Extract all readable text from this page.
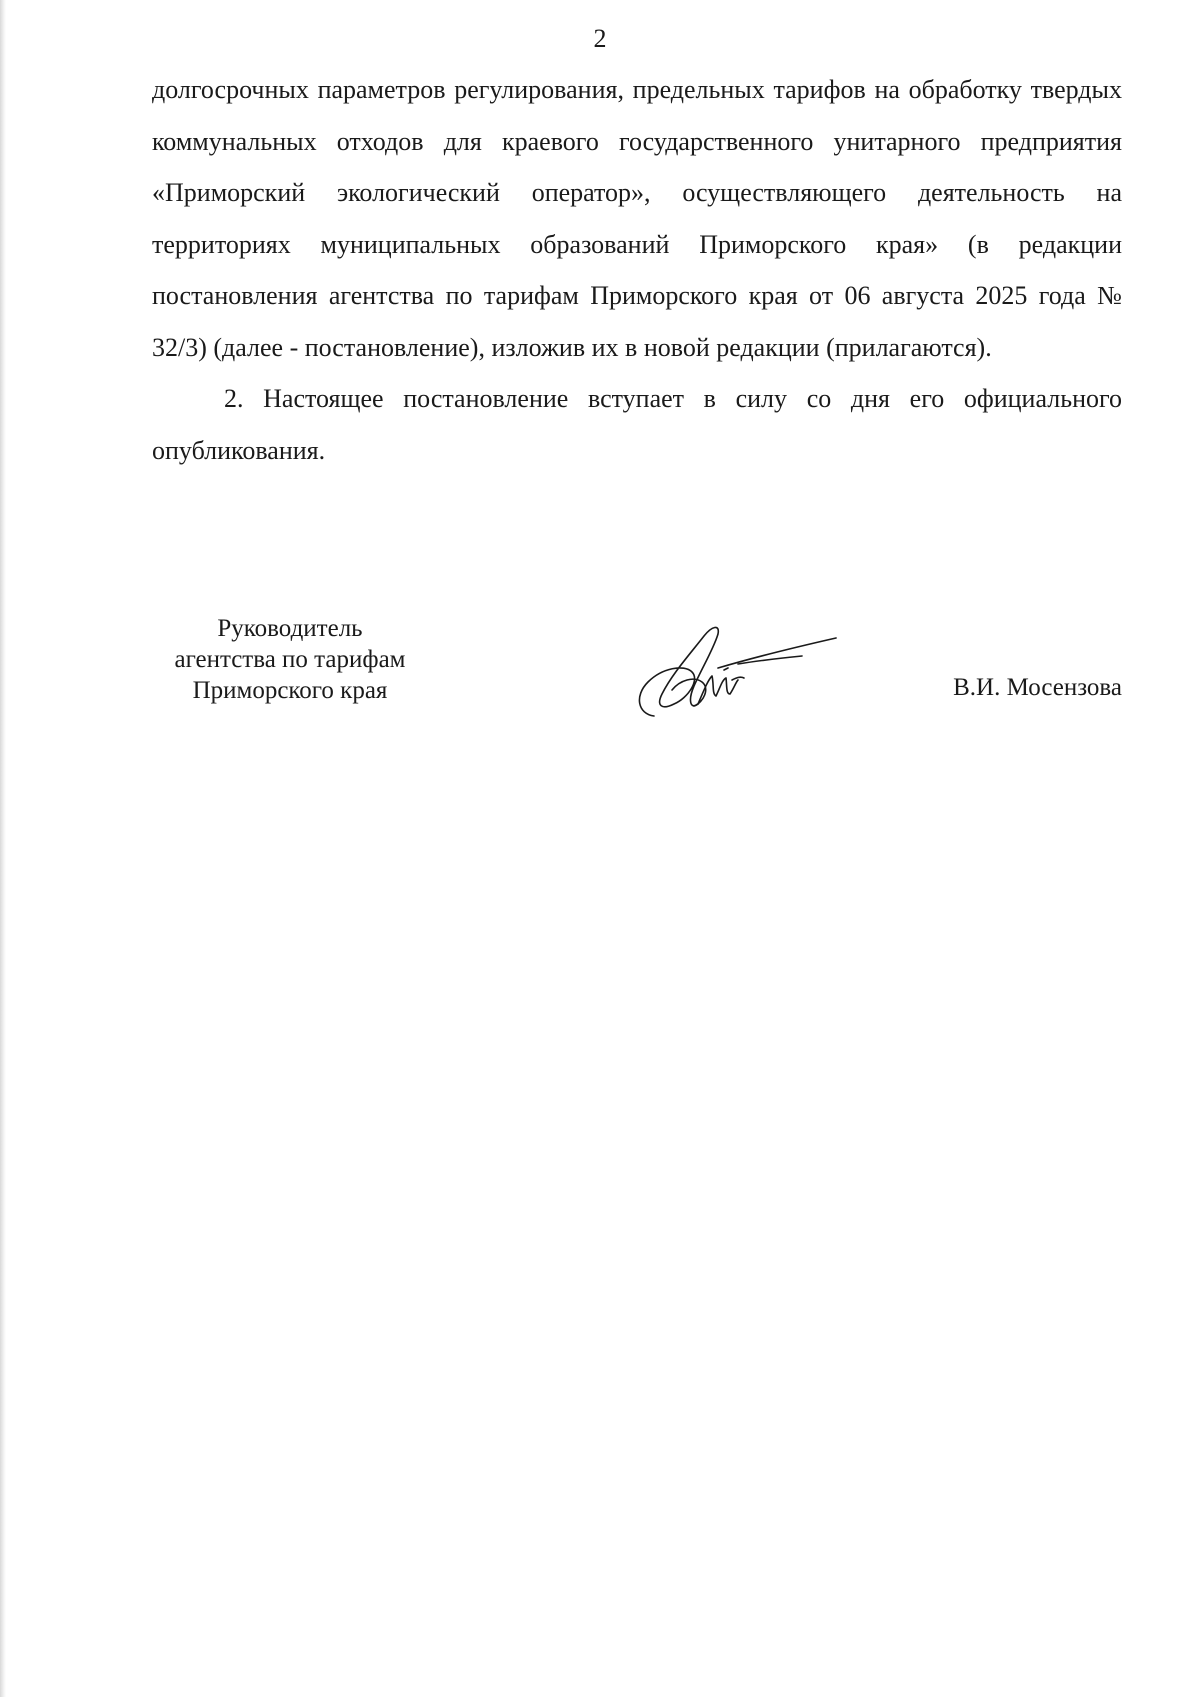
2

долгосрочных параметров регулирования, предельных тарифов на обработку твердых коммунальных отходов для краевого государственного унитарного предприятия «Приморский экологический оператор», осуществляющего деятельность на территориях муниципальных образований Приморского края» (в редакции постановления агентства по тарифам Приморского края от 06 августа 2025 года № 32/3) (далее - постановление), изложив их в новой редакции (прилагаются).

2. Настоящее постановление вступает в силу со дня его официального опубликования.

Руководитель
агентства по тарифам
Приморского края	В.И. Мосензова
